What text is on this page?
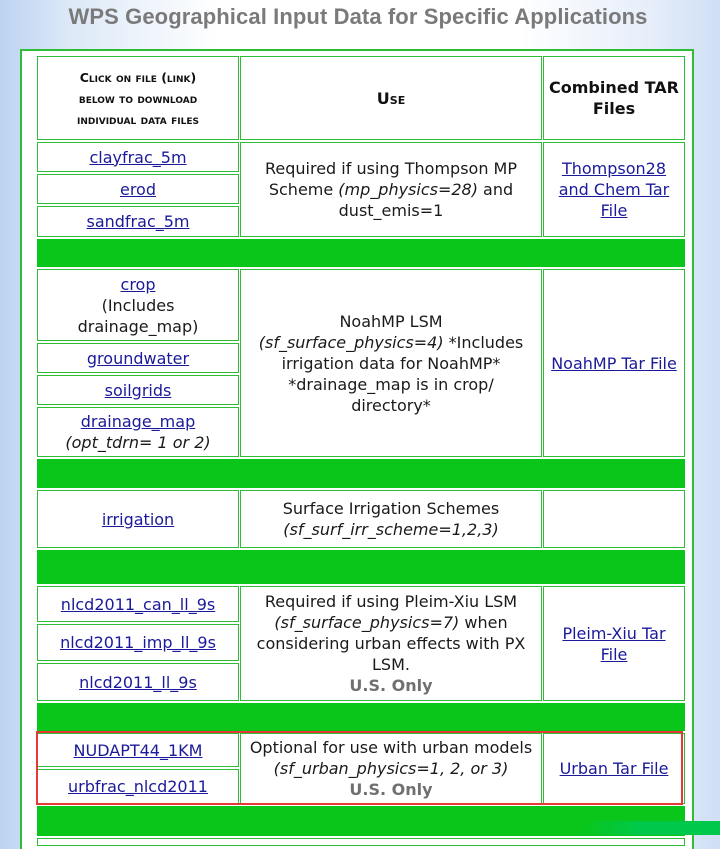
WPS Geographical Input Data for Specific Applications
Click on file (link)
below to download
individual data files
Use
Combined TAR
Files
clayfrac_5m
erod
sandfrac_5m
Required if using Thompson MP
Scheme (mp_physics=28) and
dust_emis=1
Thompson28
and Chem Tar
File
crop
(Includes
drainage_map)
groundwater
soilgrids
drainage_map
(opt_tdrn= 1 or 2)
NoahMP LSM
(sf_surface_physics=4) *Includes
irrigation data for NoahMP*
*drainage_map is in crop/
directory*
NoahMP Tar File
irrigation
Surface Irrigation Schemes
(sf_surf_irr_scheme=1,2,3)
nlcd2011_can_ll_9s
nlcd2011_imp_ll_9s
nlcd2011_ll_9s
Required if using Pleim-Xiu LSM
(sf_surface_physics=7) when
considering urban effects with PX
LSM.
U.S. Only
Pleim-Xiu Tar
File
NUDAPT44_1KM
urbfrac_nlcd2011
Optional for use with urban models
(sf_urban_physics=1, 2, or 3)
U.S. Only
Urban Tar File
